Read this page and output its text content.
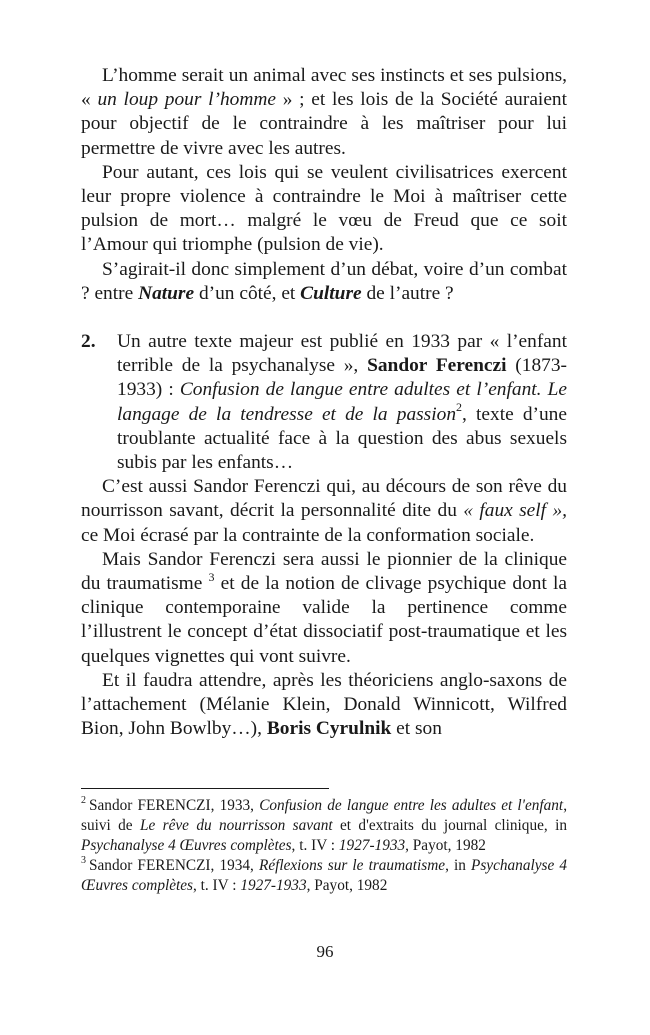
L’homme serait un animal avec ses instincts et ses pulsions, « un loup pour l’homme » ; et les lois de la Société auraient pour objectif de le contraindre à les maîtriser pour lui permettre de vivre avec les autres.

Pour autant, ces lois qui se veulent civilisatrices exercent leur propre violence à contraindre le Moi à maîtriser cette pulsion de mort… malgré le vœu de Freud que ce soit l’Amour qui triomphe (pulsion de vie).

S’agirait-il donc simplement d’un débat, voire d’un combat ? entre Nature d’un côté, et Culture de l’autre ?

2. Un autre texte majeur est publié en 1933 par « l’enfant terrible de la psychanalyse », Sandor Ferenczi (1873-1933) : Confusion de langue entre adultes et l’enfant. Le langage de la tendresse et de la passion$^2$, texte d’une troublante actualité face à la question des abus sexuels subis par les enfants…

C’est aussi Sandor Ferenczi qui, au décours de son rêve du nourrisson savant, décrit la personnalité dite du « faux self », ce Moi écrasé par la contrainte de la conformation sociale.

Mais Sandor Ferenczi sera aussi le pionnier de la clinique du traumatisme $^3$ et de la notion de clivage psychique dont la clinique contemporaine valide la pertinence comme l’illustrent le concept d’état dissociatif post-traumatique et les quelques vignettes qui vont suivre.

Et il faudra attendre, après les théoriciens anglo-saxons de l’attachement (Mélanie Klein, Donald Winnicott, Wilfred Bion, John Bowlby…), Boris Cyrulnik et son

$^2$ Sandor FERENCZI, 1933, Confusion de langue entre les adultes et l'enfant, suivi de Le rêve du nourrisson savant et d'extraits du journal clinique, in Psychanalyse 4 Œuvres complètes, t. IV : 1927-1933, Payot, 1982

$^3$ Sandor FERENCZI, 1934, Réflexions sur le traumatisme, in Psychanalyse 4 Œuvres complètes, t. IV : 1927-1933, Payot, 1982

96
